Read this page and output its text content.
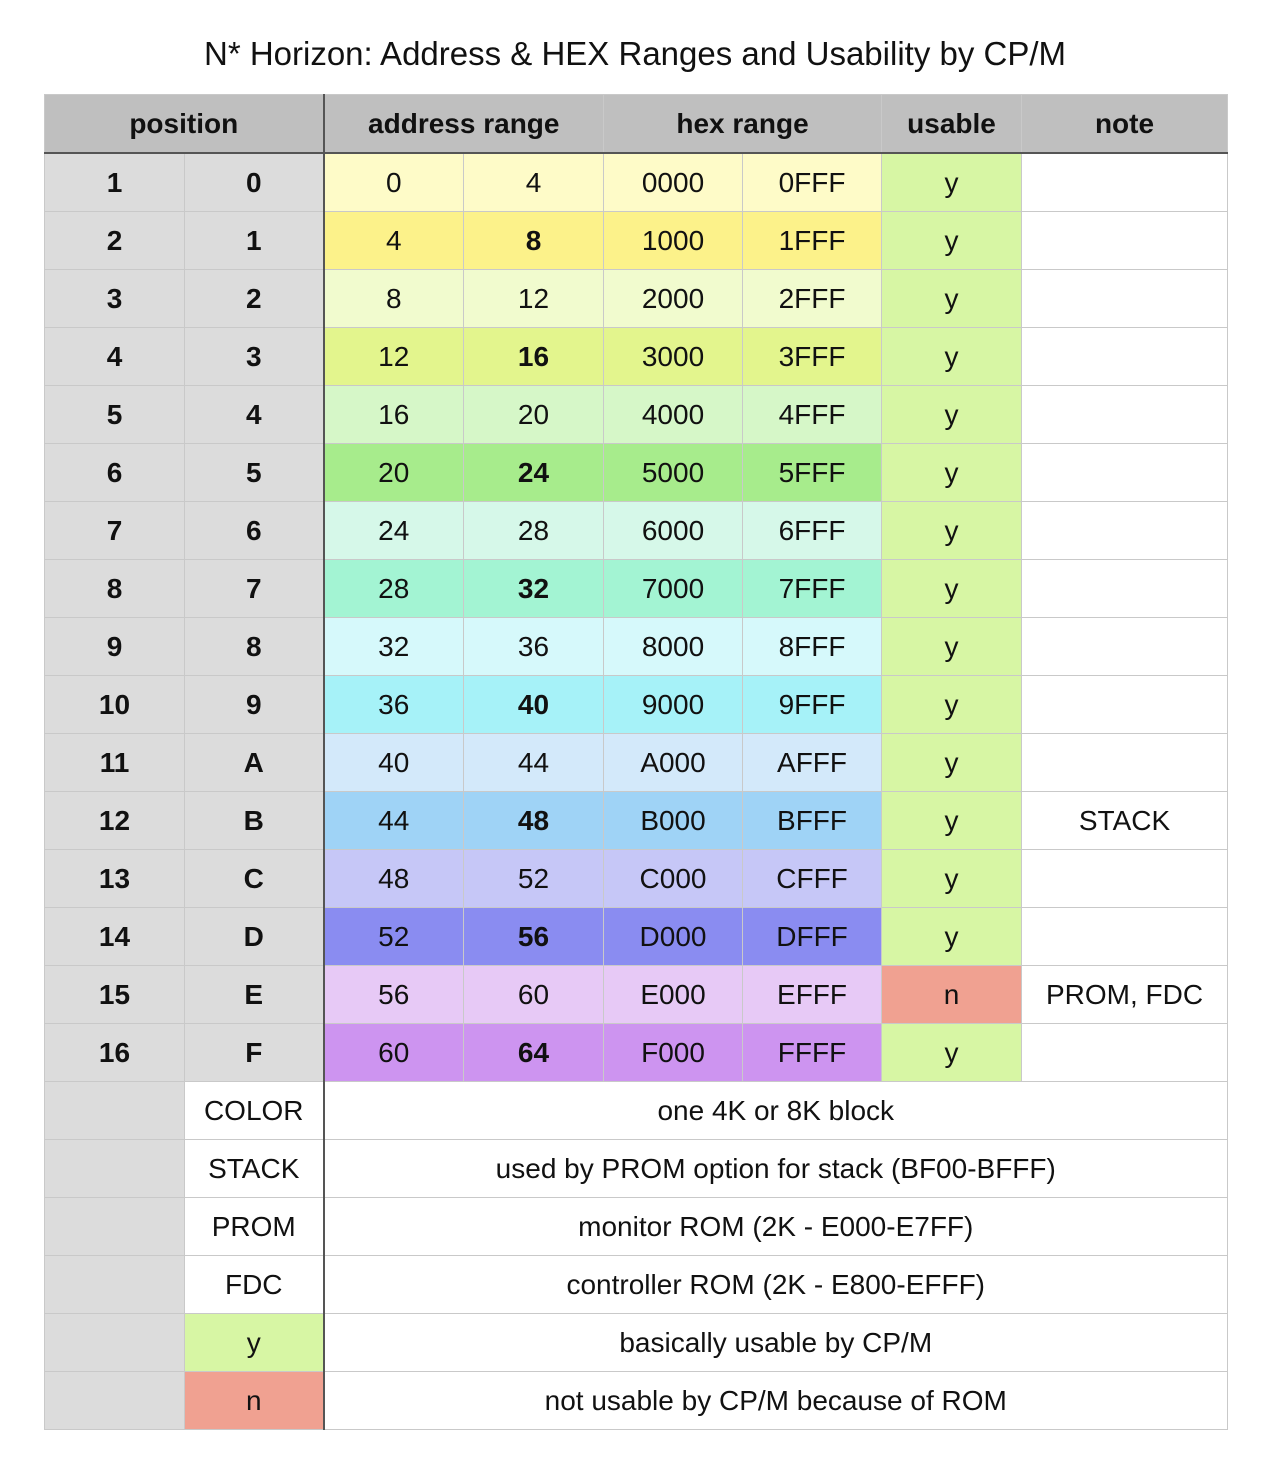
N* Horizon: Address & HEX Ranges and Usability by CP/M
position		address range		hex range		usable	note
1	0	0	4	0000	0FFF	y	
2	1	4	8	1000	1FFF	y	
3	2	8	12	2000	2FFF	y	
4	3	12	16	3000	3FFF	y	
5	4	16	20	4000	4FFF	y	
6	5	20	24	5000	5FFF	y	
7	6	24	28	6000	6FFF	y	
8	7	28	32	7000	7FFF	y	
9	8	32	36	8000	8FFF	y	
10	9	36	40	9000	9FFF	y	
11	A	40	44	A000	AFFF	y	
12	B	44	48	B000	BFFF	y	STACK
13	C	48	52	C000	CFFF	y	
14	D	52	56	D000	DFFF	y	
15	E	56	60	E000	EFFF	n	PROM, FDC
16	F	60	64	F000	FFFF	y	
	COLOR	one 4K or 8K block					
	STACK	used by PROM option for stack (BF00-BFFF)					
	PROM	monitor ROM (2K - E000-E7FF)					
	FDC	controller ROM (2K - E800-EFFF)					
	y	basically usable by CP/M					
	n	not usable by CP/M because of ROM					
